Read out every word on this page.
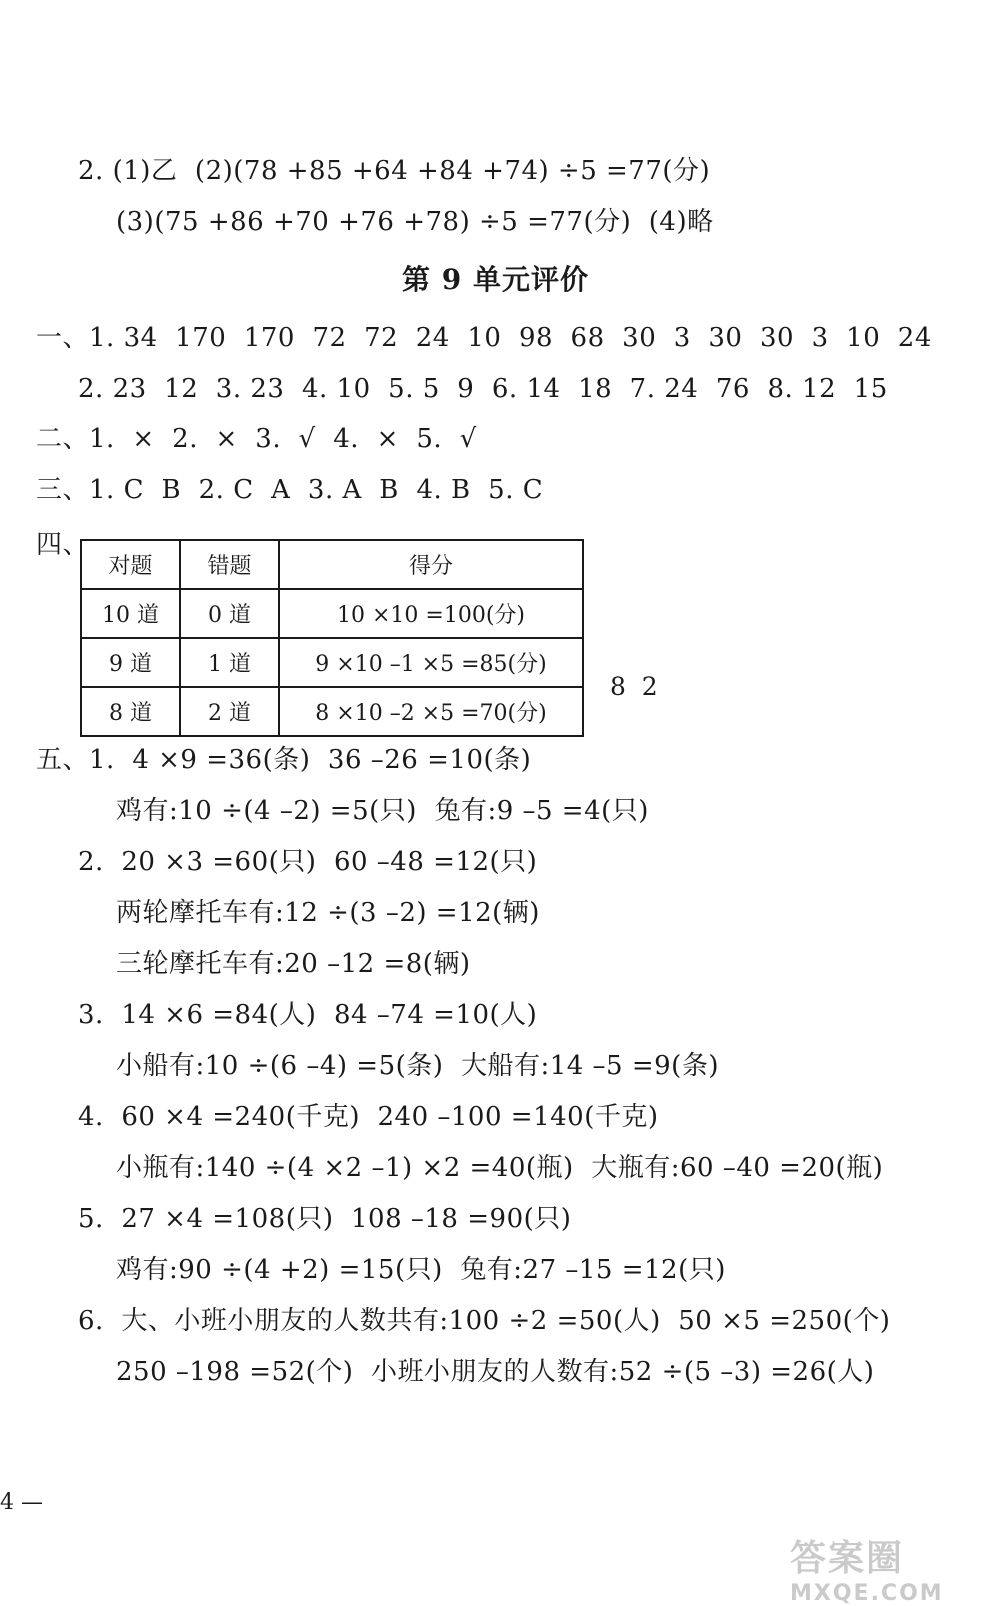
2. (1)乙  (2)(78 +85 +64 +84 +74) ÷5 =77(分)
(3)(75 +86 +70 +76 +78) ÷5 =77(分)  (4)略
第 9 单元评价
一、1. 34  170  170  72  72  24  10  98  68  30  3  30  30  3  10  24
2. 23  12  3. 23  4. 10  5. 5  9  6. 14  18  7. 24  76  8. 12  15
二、1.  ×  2.  ×  3.  √  4.  ×  5.  √
三、1. C  B  2. C  A  3. A  B  4. B  5. C
四、
对题	错题	得分
10 道	0 道	10 ×10 =100(分)
9 道	1 道	9 ×10 –1 ×5 =85(分)
8 道	2 道	8 ×10 –2 ×5 =70(分)
8  2
五、1.  4 ×9 =36(条)  36 –26 =10(条)
鸡有:10 ÷(4 –2) =5(只)  兔有:9 –5 =4(只)
2.  20 ×3 =60(只)  60 –48 =12(只)
两轮摩托车有:12 ÷(3 –2) =12(辆)
三轮摩托车有:20 –12 =8(辆)
3.  14 ×6 =84(人)  84 –74 =10(人)
小船有:10 ÷(6 –4) =5(条)  大船有:14 –5 =9(条)
4.  60 ×4 =240(千克)  240 –100 =140(千克)
小瓶有:140 ÷(4 ×2 –1) ×2 =40(瓶)  大瓶有:60 –40 =20(瓶)
5.  27 ×4 =108(只)  108 –18 =90(只)
鸡有:90 ÷(4 +2) =15(只)  兔有:27 –15 =12(只)
6.  大、小班小朋友的人数共有:100 ÷2 =50(人)  50 ×5 =250(个)
250 –198 =52(个)  小班小朋友的人数有:52 ÷(5 –3) =26(人)
4 —
答案圈
MXQE.COM
